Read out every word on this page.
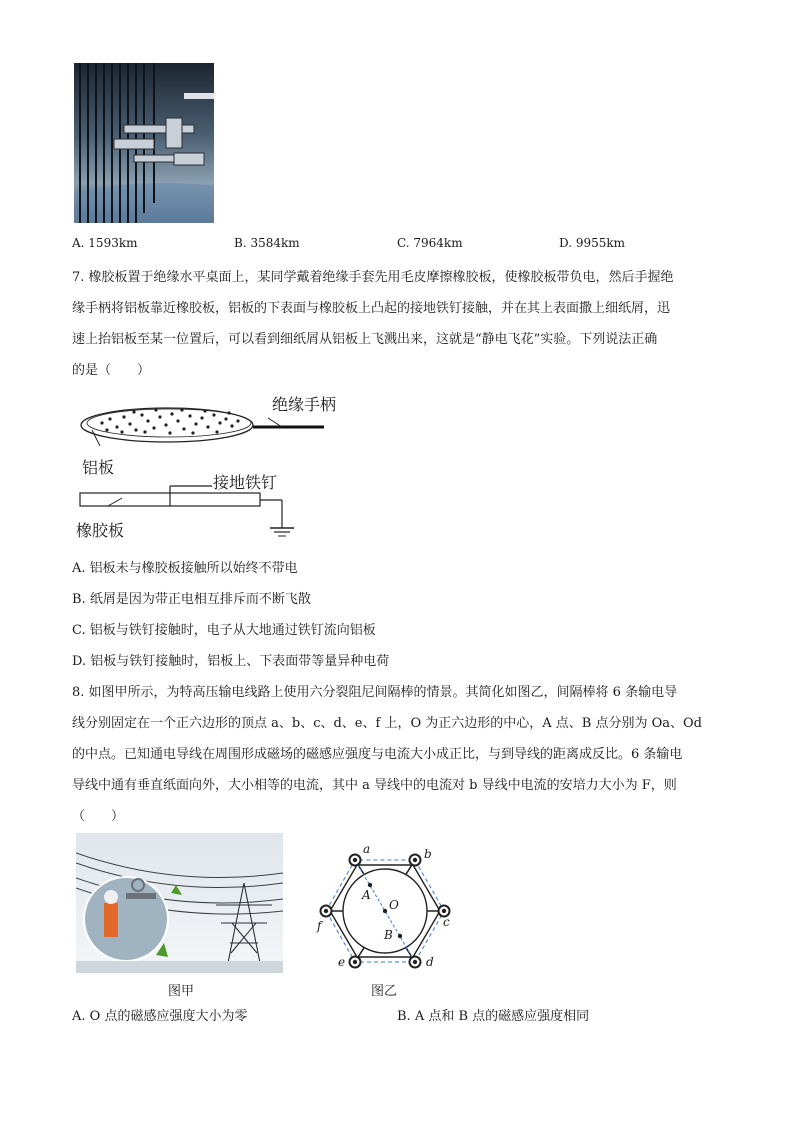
A. 1593km	B. 3584km	C. 7964km	D. 9955km
7. 橡胶板置于绝缘水平桌面上，某同学戴着绝缘手套先用毛皮摩擦橡胶板，使橡胶板带负电，然后手握绝
缘手柄将铝板靠近橡胶板，铝板的下表面与橡胶板上凸起的接地铁钉接触，并在其上表面撒上细纸屑，迅
速上抬铝板至某一位置后，可以看到细纸屑从铝板上飞溅出来，这就是“静电飞花”实验。下列说法正确
的是（　　）
绝缘手柄
铝板
接地铁钉
橡胶板
A. 铝板未与橡胶板接触所以始终不带电
B. 纸屑是因为带正电相互排斥而不断飞散
C. 铝板与铁钉接触时，电子从大地通过铁钉流向铝板
D. 铝板与铁钉接触时，铝板上、下表面带等量异种电荷
8. 如图甲所示，为特高压输电线路上使用六分裂阻尼间隔棒的情景。其简化如图乙，间隔棒将 6 条输电导
线分别固定在一个正六边形的顶点 a、b、c、d、e、f 上，O 为正六边形的中心，A 点、B 点分别为 Oa、Od
的中点。已知通电导线在周围形成磁场的磁感应强度与电流大小成正比，与到导线的距离成反比。6 条输电
导线中通有垂直纸面向外，大小相等的电流，其中 a 导线中的电流对 b 导线中电流的安培力大小为 F，则
（　　）
a	b
c
d
e
f
A
O
B
图甲	图乙
A. O 点的磁感应强度大小为零	B. A 点和 B 点的磁感应强度相同
